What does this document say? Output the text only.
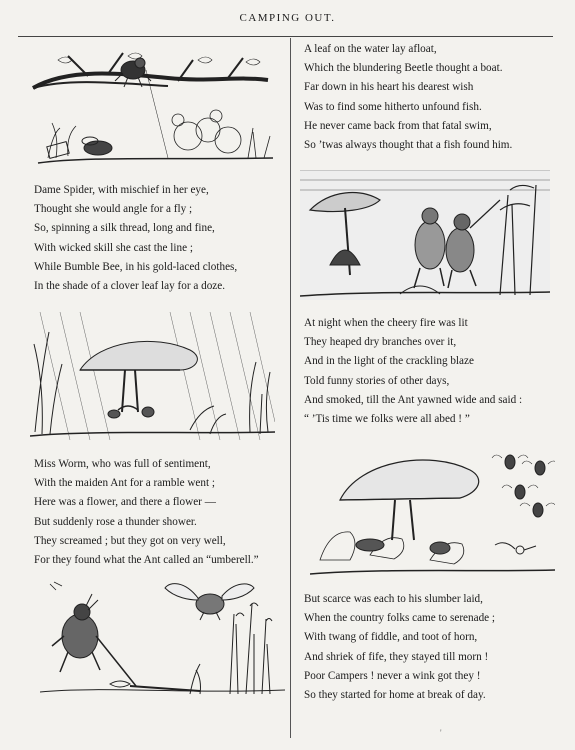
CAMPING OUT.
Dame Spider, with mischief in her eye,
Thought she would angle for a fly ;
So, spinning a silk thread, long and fine,
With wicked skill she cast the line ;
While Bumble Bee, in his gold-laced clothes,
In the shade of a clover leaf lay for a doze.
Miss Worm, who was full of sentiment,
With the maiden Ant for a ramble went ;
Here was a flower, and there a flower —
But suddenly rose a thunder shower.
They screamed ; but they got on very well,
For they found what the Ant called an “umberell.”
A leaf on the water lay afloat,
Which the blundering Beetle thought a boat.
Far down in his heart his dearest wish
Was to find some hitherto unfound fish.
He never came back from that fatal swim,
So ’twas always thought that a fish found him.
At night when the cheery fire was lit
They heaped dry branches over it,
And in the light of the crackling blaze
Told funny stories of other days,
And smoked, till the Ant yawned wide and said :
“ ’Tis time we folks were all abed ! ”
But scarce was each to his slumber laid,
When the country folks came to serenade ;
With twang of fiddle, and toot of horn,
And shriek of fife, they stayed till morn !
Poor Campers ! never a wink got they !
So they started for home at break of day.
'
